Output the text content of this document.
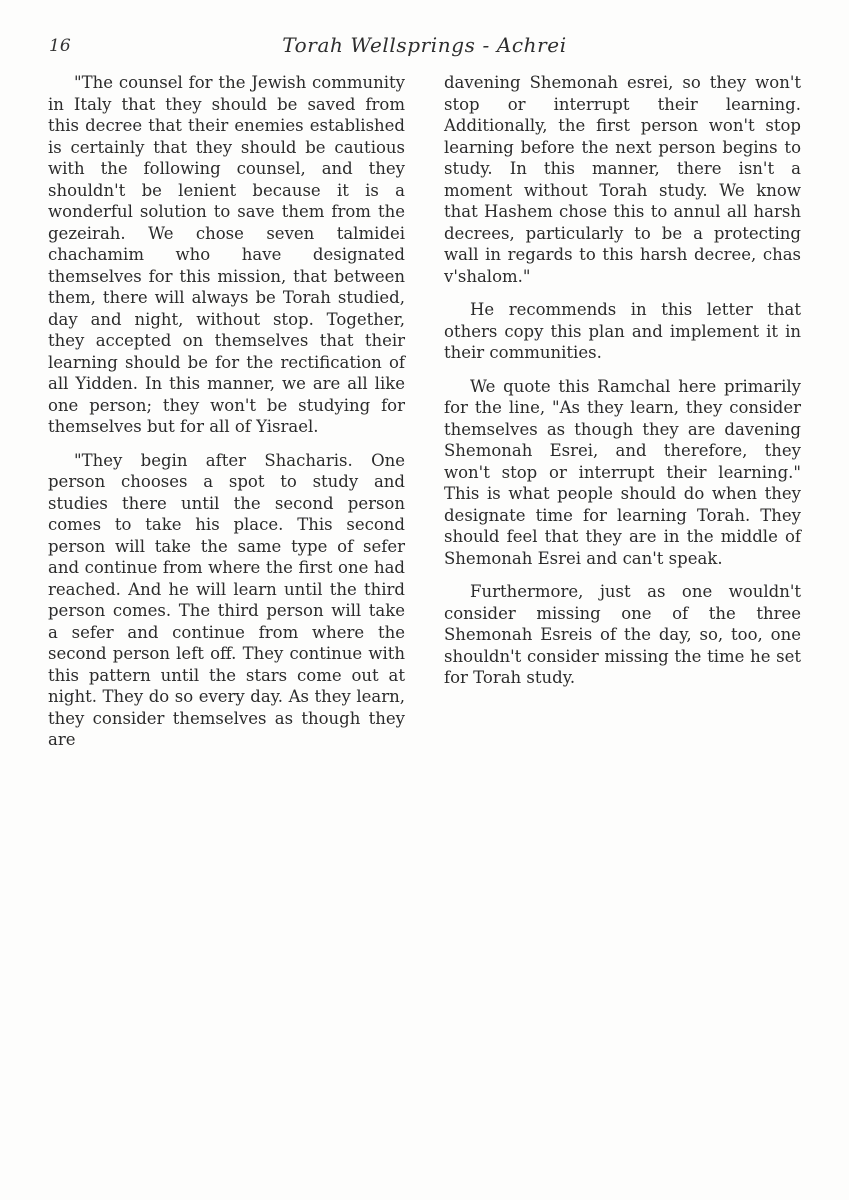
16	Torah Wellsprings - Achrei

"The counsel for the Jewish community in Italy that they should be saved from this decree that their enemies established is certainly that they should be cautious with the following counsel, and they shouldn't be lenient because it is a wonderful solution to save them from the gezeirah. We chose seven talmidei chachamim who have designated themselves for this mission, that between them, there will always be Torah studied, day and night, without stop. Together, they accepted on themselves that their learning should be for the rectification of all Yidden. In this manner, we are all like one person; they won't be studying for themselves but for all of Yisrael.

"They begin after Shacharis. One person chooses a spot to study and studies there until the second person comes to take his place. This second person will take the same type of sefer and continue from where the first one had reached. And he will learn until the third person comes. The third person will take a sefer and continue from where the second person left off. They continue with this pattern until the stars come out at night. They do so every day. As they learn, they consider themselves as though they are

davening Shemonah esrei, so they won't stop or interrupt their learning. Additionally, the first person won't stop learning before the next person begins to study. In this manner, there isn't a moment without Torah study. We know that Hashem chose this to annul all harsh decrees, particularly to be a protecting wall in regards to this harsh decree, chas v'shalom."

He recommends in this letter that others copy this plan and implement it in their communities.

We quote this Ramchal here primarily for the line, "As they learn, they consider themselves as though they are davening Shemonah Esrei, and therefore, they won't stop or interrupt their learning." This is what people should do when they designate time for learning Torah. They should feel that they are in the middle of Shemonah Esrei and can't speak.

Furthermore, just as one wouldn't consider missing one of the three Shemonah Esreis of the day, so, too, one shouldn't consider missing the time he set for Torah study.
